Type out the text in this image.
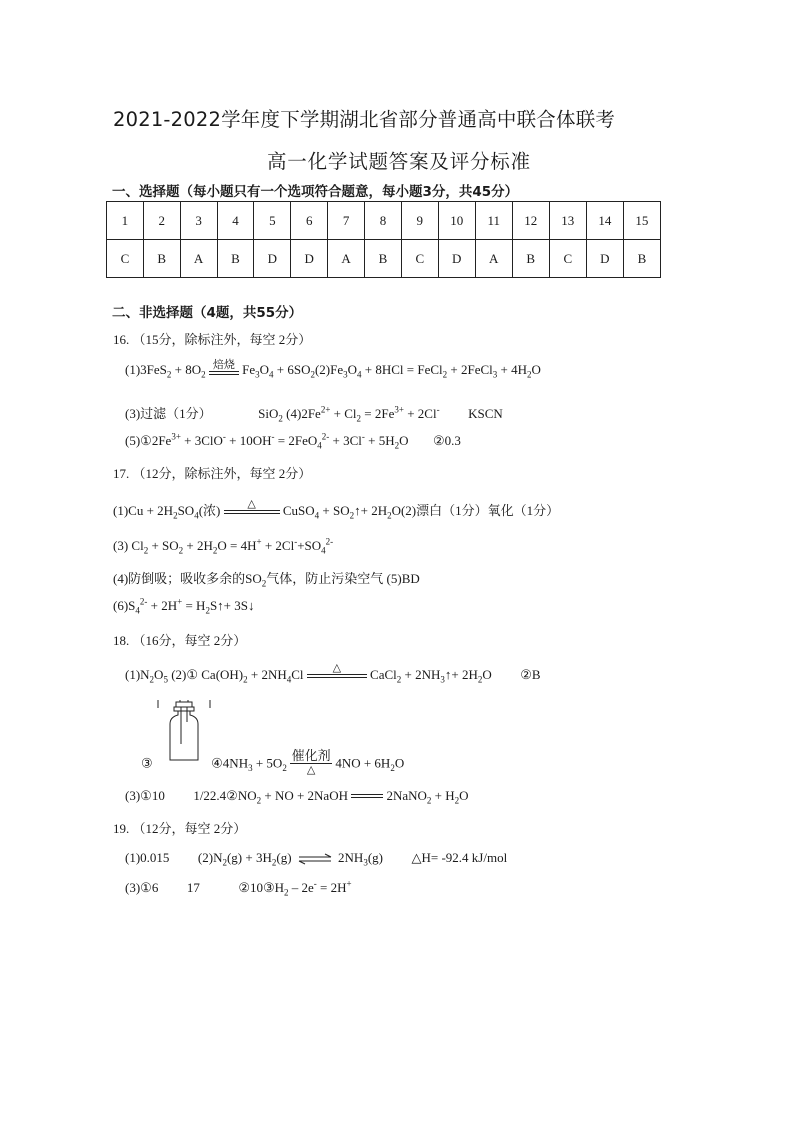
2021-2022学年度下学期湖北省部分普通高中联合体联考
高一化学试题答案及评分标准
一、选择题（每小题只有一个选项符合题意，每小题3分，共45分）
1	2	3	4	5	6	7	8	9	10	11	12	13	14	15
C	B	A	B	D	D	A	B	C	D	A	B	C	D	B
二、非选择题（4题，共55分）
16. （15分，除标注外，每空 2分）
$(1)3FeS_2 + 8O_2$
焙烧 $Fe_3O_4 + 6SO_2(2)Fe_3O_4 + 8HCl$ = FeCl$_2$ + 2FeCl$_3$ + $4H_2O$
(3)过滤（1分）	SiO$_2$ $(4)2Fe^{2+} + Cl_2 = 2Fe^{3+} + 2Cl^-$ KSCN
$(5)①2Fe^{3+} + 3ClO^- + 10OH^- = 2FeO_4^{2-} + 3Cl^- + 5H_2O$ ②0.3
17. （12分，除标注外，每空 2分）
$(1)Cu + 2H_2SO_4$(浓)	△	CuSO$_4$ + $SO_2↑+ 2H_2O(2)$漂白（1分）氧化（1分）
(3) $Cl_2 + SO_2 + 2H_2O = 4H^+ + 2Cl^-+SO_4^{2-}$
(4)防倒吸；吸收多余的$SO_2$气体，防止污染空气 (5)BD
$(6)S_4^{2-} + 2H^+$ = $H_2S↑+$ 3S↓
18. （16分，每空 2分）
$(1)N_2O_5$ (2)① $Ca(OH)_2 + 2NH_4Cl$	△	CaCl$_2$ + $2NH_3↑+ 2H_2O$ ②B
③	$④4NH_3 + 5O_2$
催化剂
△	$4NO + 6H_2O$
(3)①10 $1/22.4②NO_2$ + NO + 2NaOH	2NaNO$_2$ + $H_2O$
19. （12分，每空 2分）
(1)0.015 $(2)N_2(g) + 3H_2(g)$ ⇌ $2NH_3(g)$ △H= -92.4 kJ/mol
(3)①6 17	$②10③H_2 - 2e^- = 2H^+$
